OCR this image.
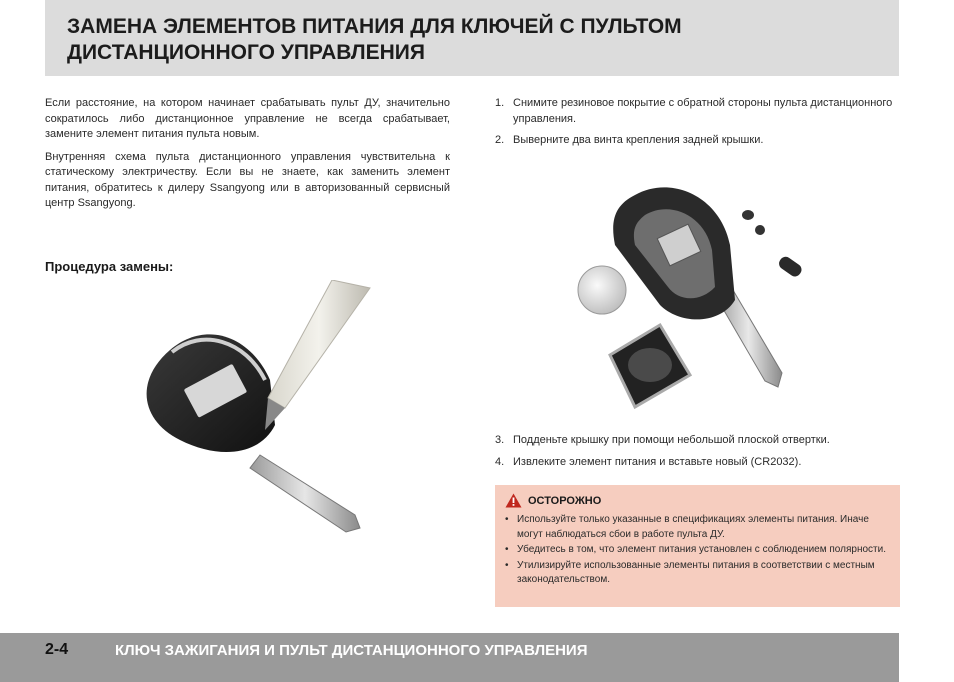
ЗАМЕНА ЭЛЕМЕНТОВ ПИТАНИЯ ДЛЯ КЛЮЧЕЙ С ПУЛЬТОМ
ДИСТАНЦИОННОГО УПРАВЛЕНИЯ

Если расстояние, на котором начинает срабатывать пульт ДУ, значительно сократилось либо дистанционное управление не всегда срабатывает, замените элемент питания пульта новым.

Внутренняя схема пульта дистанционного управления чувствительна к статическому электричеству. Если вы не знаете, как заменить элемент питания, обратитесь к дилеру Ssangyong или в авторизованный сервисный центр Ssangyong.

Процедура замены:
1. Снимите резиновое покрытие с обратной стороны пульта дистанционного управления.
2. Выверните два винта крепления задней крышки.
3. Подденьте крышку при помощи небольшой плоской отвертки.
4. Извлеките элемент питания и вставьте новый (CR2032).
ОСТОРОЖНО
• Используйте только указанные в спецификациях элементы питания. Иначе могут наблюдаться сбои в работе пульта ДУ.
• Убедитесь в том, что элемент питания установлен с соблюдением полярности.
• Утилизируйте использованные элементы питания в соответствии с местным законодательством.
2-4	КЛЮЧ ЗАЖИГАНИЯ И ПУЛЬТ ДИСТАНЦИОННОГО УПРАВЛЕНИЯ
